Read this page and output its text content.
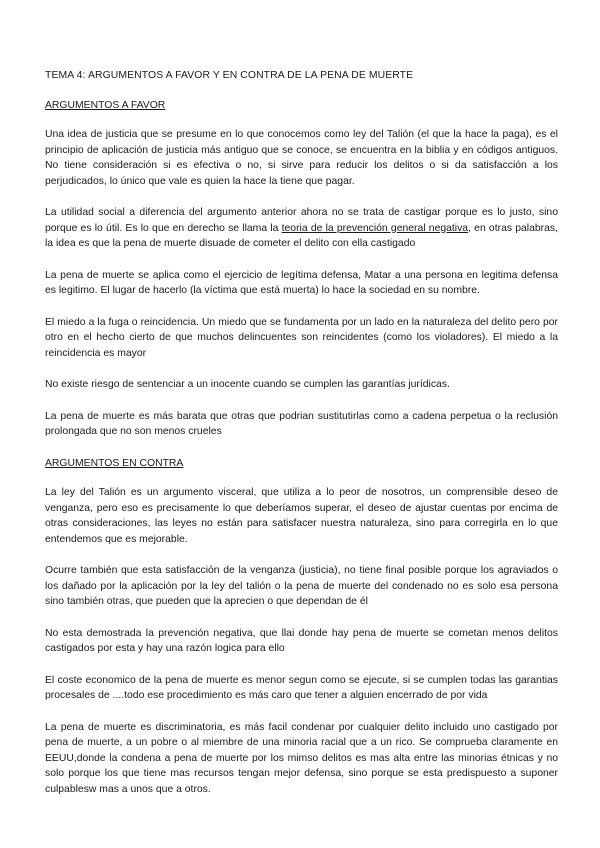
TEMA 4: ARGUMENTOS A FAVOR Y EN CONTRA DE LA PENA DE MUERTE
ARGUMENTOS A FAVOR

Una idea de justicia que se presume en lo que conocemos como ley del Talión (el que la hace la paga), es el principio de aplicación de justicia más antiguo que se conoce, se encuentra en la biblia y en códigos antiguos. No tiene consideración si es efectiva o no, si sirve para reducir los delitos o si da satisfacción a los perjudicados, lo único que vale es quien la hace la tiene que pagar.

La utilidad social a diferencia del argumento anterior ahora no se trata de castigar porque es lo justo, sino porque es lo útil. Es lo que en derecho se llama la teoria de la prevención general negativa, en otras palabras, la idea es que la pena de muerte disuade de cometer el delito con ella castigado

La pena de muerte se aplica como el ejercicio de legítima defensa, Matar a una persona en legitima defensa es legitimo. El lugar de hacerlo (la víctima que está muerta) lo hace la sociedad en su nombre.

El miedo a la fuga o reincidencia. Un miedo que se fundamenta por un lado en la naturaleza del delito pero por otro en el hecho cierto de que muchos delincuentes son reincidentes (como los violadores). El miedo a la reincidencia es mayor

No existe riesgo de sentenciar a un inocente cuando se cumplen las garantías jurídicas.

La pena de muerte es más barata que otras que podrian sustitutirlas como a cadena perpetua o la reclusión prolongada que no son menos crueles

ARGUMENTOS EN CONTRA

La ley del Talión es un argumento visceral, que utiliza a lo peor de nosotros, un comprensible deseo de venganza, pero eso es precisamente lo que deberíamos superar, el deseo de ajustar cuentas por encima de otras consideraciones, las leyes no están para satisfacer nuestra naturaleza, sino para corregirla en lo que entendemos que es mejorable.

Ocurre también que esta satisfacción de la venganza (justicia), no tiene final posible porque los agraviados o los dañado por la aplicación por la ley del talión o la pena de muerte del condenado no es solo esa persona sino también otras, que pueden que la aprecien o que dependan de él

No esta demostrada la prevención negativa, que llai donde hay pena de muerte se cometan menos delitos castigados por esta y hay una razón logica para ello

El coste economico de la pena de muerte es menor segun como se ejecute, si se cumplen todas las garantias procesales de ....todo ese procedimiento es más caro que tener a alguien encerrado de por vida

La pena de muerte es discriminatoria, es más facil condenar por cualquier delito incluido uno castigado por pena de muerte, a un pobre o al miembre de una minoria racial que a un rico. Se comprueba claramente en EEUU,donde la condena a pena de muerte por los mimso delitos es mas alta entre las minorias étnicas y no solo porque los que tiene mas recursos tengan mejor defensa, sino porque se esta predispuesto a suponer culpablesw mas a unos que a otros.
